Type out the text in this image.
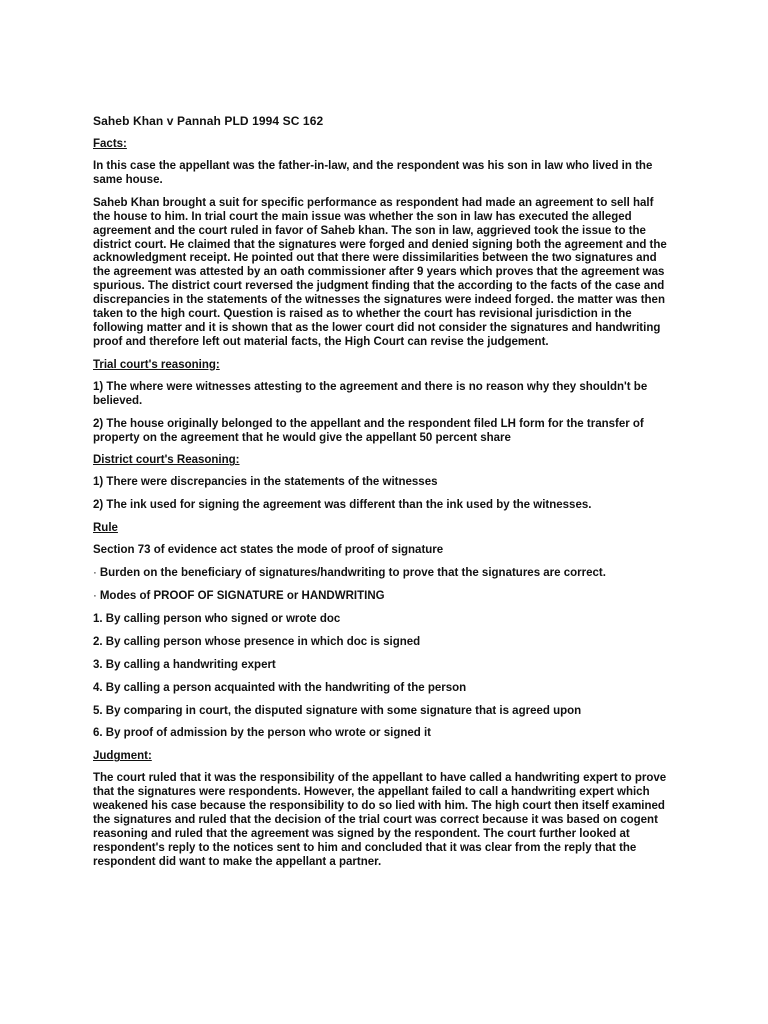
Saheb Khan v Pannah PLD 1994 SC 162
Facts:

In this case the appellant was the father-in-law, and the respondent was his son in law who lived in the same house.

Saheb Khan brought a suit for specific performance as respondent had made an agreement to sell half the house to him. In trial court the main issue was whether the son in law has executed the alleged agreement and the court ruled in favor of Saheb khan. The son in law, aggrieved took the issue to the district court. He claimed that the signatures were forged and denied signing both the agreement and the acknowledgment receipt. He pointed out that there were dissimilarities between the two signatures and the agreement was attested by an oath commissioner after 9 years which proves that the agreement was spurious. The district court reversed the judgment finding that the according to the facts of the case and discrepancies in the statements of the witnesses the signatures were indeed forged. the matter was then taken to the high court. Question is raised as to whether the court has revisional jurisdiction in the following matter and it is shown that as the lower court did not consider the signatures and handwriting proof and therefore left out material facts, the High Court can revise the judgement.

Trial court's reasoning:

1) The where were witnesses attesting to the agreement and there is no reason why they shouldn't be believed.

2) The house originally belonged to the appellant and the respondent filed LH form for the transfer of property on the agreement that he would give the appellant 50 percent share

District court's Reasoning:

1) There were discrepancies in the statements of the witnesses

2) The ink used for signing the agreement was different than the ink used by the witnesses.

Rule

Section 73 of evidence act states the mode of proof of signature

· Burden on the beneficiary of signatures/handwriting to prove that the signatures are correct.

· Modes of PROOF OF SIGNATURE or HANDWRITING

1. By calling person who signed or wrote doc

2. By calling person whose presence in which doc is signed

3. By calling a handwriting expert

4. By calling a person acquainted with the handwriting of the person

5. By comparing in court, the disputed signature with some signature that is agreed upon

6. By proof of admission by the person who wrote or signed it

Judgment:

The court ruled that it was the responsibility of the appellant to have called a handwriting expert to prove that the signatures were respondents. However, the appellant failed to call a handwriting expert which weakened his case because the responsibility to do so lied with him. The high court then itself examined the signatures and ruled that the decision of the trial court was correct because it was based on cogent reasoning and ruled that the agreement was signed by the respondent. The court further looked at respondent's reply to the notices sent to him and concluded that it was clear from the reply that the respondent did want to make the appellant a partner.
